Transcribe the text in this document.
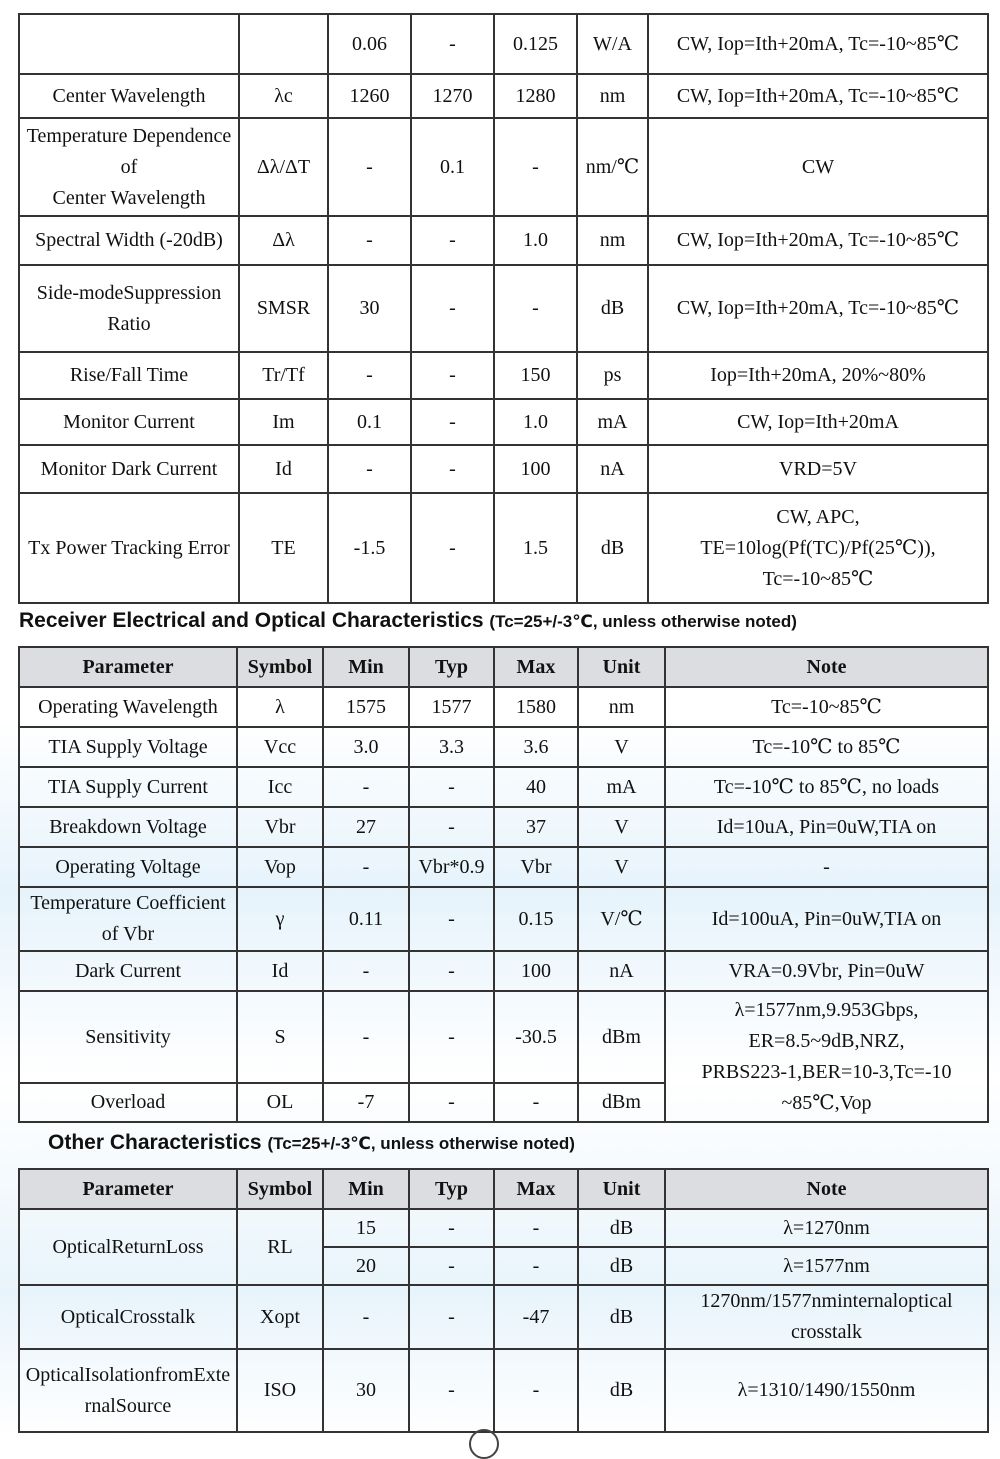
		0.06	-	0.125	W/A	CW, Iop=Ith+20mA, Tc=-10~85℃
Center Wavelength	λc	1260	1270	1280	nm	CW, Iop=Ith+20mA, Tc=-10~85℃
Temperature Dependence
of
Center Wavelength	Δλ/ΔT	-	0.1	-	nm/℃	CW
Spectral Width (-20dB)	Δλ	-	-	1.0	nm	CW, Iop=Ith+20mA, Tc=-10~85℃
Side-modeSuppression
Ratio	SMSR	30	-	-	dB	CW, Iop=Ith+20mA, Tc=-10~85℃
Rise/Fall Time	Tr/Tf	-	-	150	ps	Iop=Ith+20mA, 20%~80%
Monitor Current	Im	0.1	-	1.0	mA	CW, Iop=Ith+20mA
Monitor Dark Current	Id	-	-	100	nA	VRD=5V
Tx Power Tracking Error	TE	-1.5	-	1.5	dB	CW, APC,
TE=10log(Pf(TC)/Pf(25℃)),
Tc=-10~85℃
Receiver Electrical and Optical Characteristics (Tc=25+/-3℃, unless otherwise noted)
Parameter	Symbol	Min	Typ	Max	Unit	Note
Operating Wavelength	λ	1575	1577	1580	nm	Tc=-10~85℃
TIA Supply Voltage	Vcc	3.0	3.3	3.6	V	Tc=-10℃ to 85℃
TIA Supply Current	Icc	-	-	40	mA	Tc=-10℃ to 85℃, no loads
Breakdown Voltage	Vbr	27	-	37	V	Id=10uA, Pin=0uW,TIA on
Operating Voltage	Vop	-	Vbr*0.9	Vbr	V	-
Temperature Coefficient
of Vbr	γ	0.11	-	0.15	V/℃	Id=100uA, Pin=0uW,TIA on
Dark Current	Id	-	-	100	nA	VRA=0.9Vbr, Pin=0uW
Sensitivity	S	-	-	-30.5	dBm	λ=1577nm,9.953Gbps,
ER=8.5~9dB,NRZ,
PRBS223-1,BER=10-3,Tc=-10
~85℃,Vop
Overload	OL	-7	-	-	dBm	
Other Characteristics (Tc=25+/-3℃, unless otherwise noted)
Parameter	Symbol	Min	Typ	Max	Unit	Note
OpticalReturnLoss	RL	15	-	-	dB	λ=1270nm
		20	-	-	dB	λ=1577nm
OpticalCrosstalk	Xopt	-	-	-47	dB	1270nm/1577nminternaloptical
crosstalk
OpticalIsolationfromExte
rnalSource	ISO	30	-	-	dB	λ=1310/1490/1550nm
